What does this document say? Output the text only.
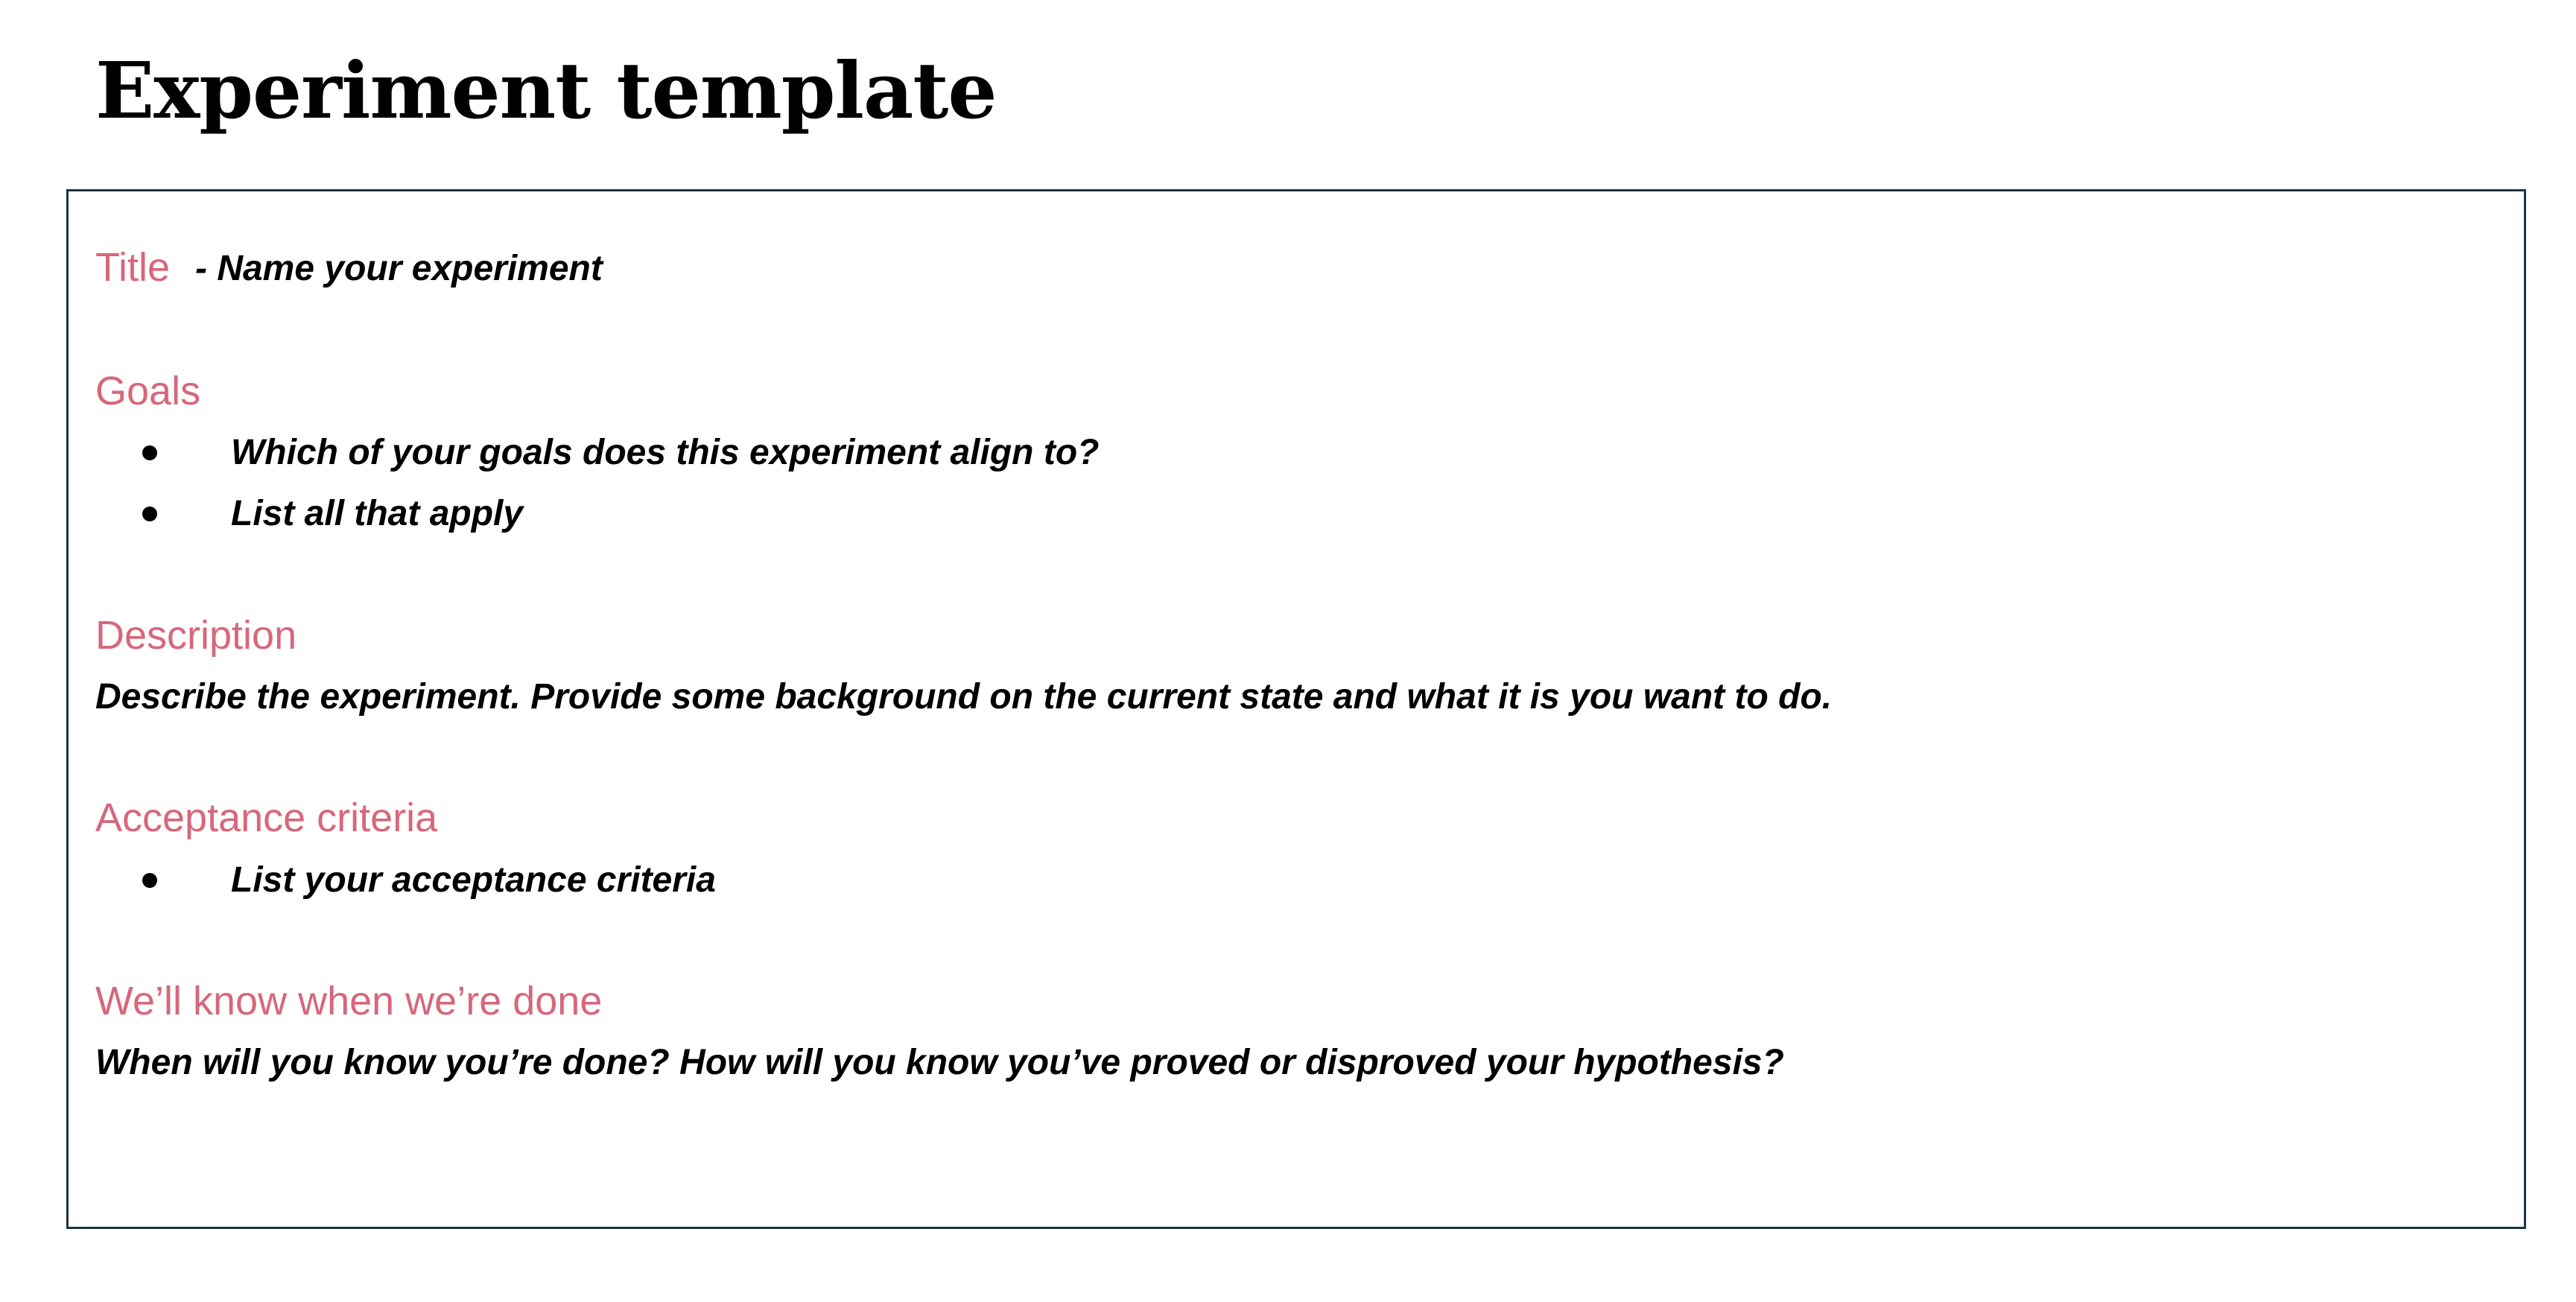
Experiment template
Title - Name your experiment
Goals
Which of your goals does this experiment align to?
List all that apply
Description
Describe the experiment. Provide some background on the current state and what it is you want to do.
Acceptance criteria
List your acceptance criteria
We’ll know when we’re done
When will you know you’re done? How will you know you’ve proved or disproved your hypothesis?
